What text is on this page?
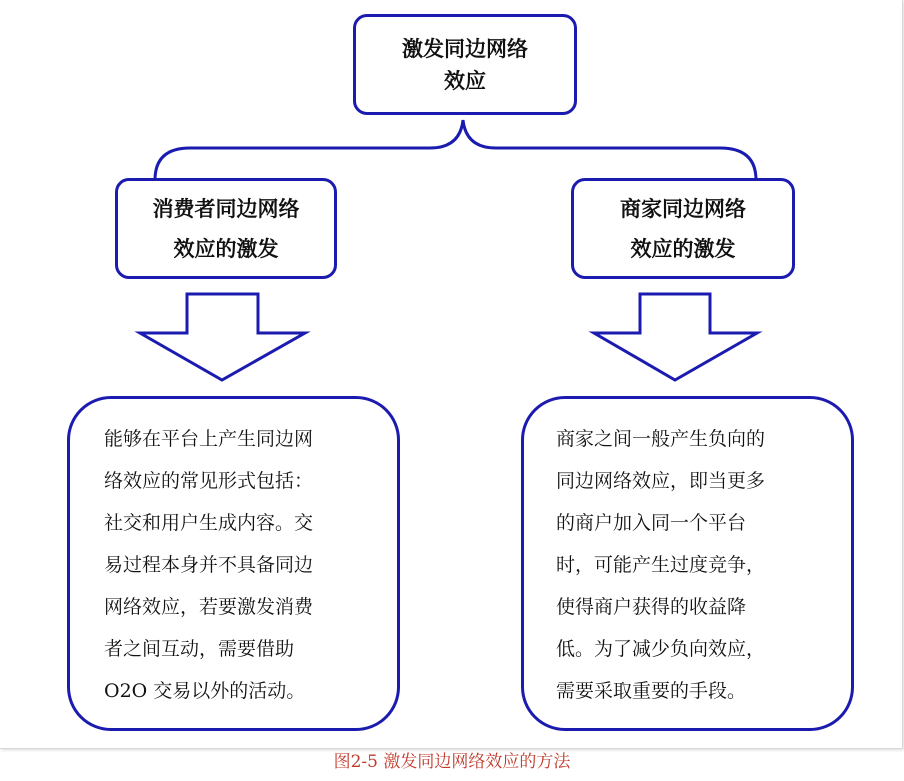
激发同边网络
效应
消费者同边网络
效应的激发
商家同边网络
效应的激发
能够在平台上产生同边网
络效应的常见形式包括：
社交和用户生成内容。交
易过程本身并不具备同边
网络效应，若要激发消费
者之间互动，需要借助
O2O 交易以外的活动。
商家之间一般产生负向的
同边网络效应，即当更多
的商户加入同一个平台
时，可能产生过度竞争，
使得商户获得的收益降
低。为了减少负向效应，
需要采取重要的手段。
图2-5 激发同边网络效应的方法
